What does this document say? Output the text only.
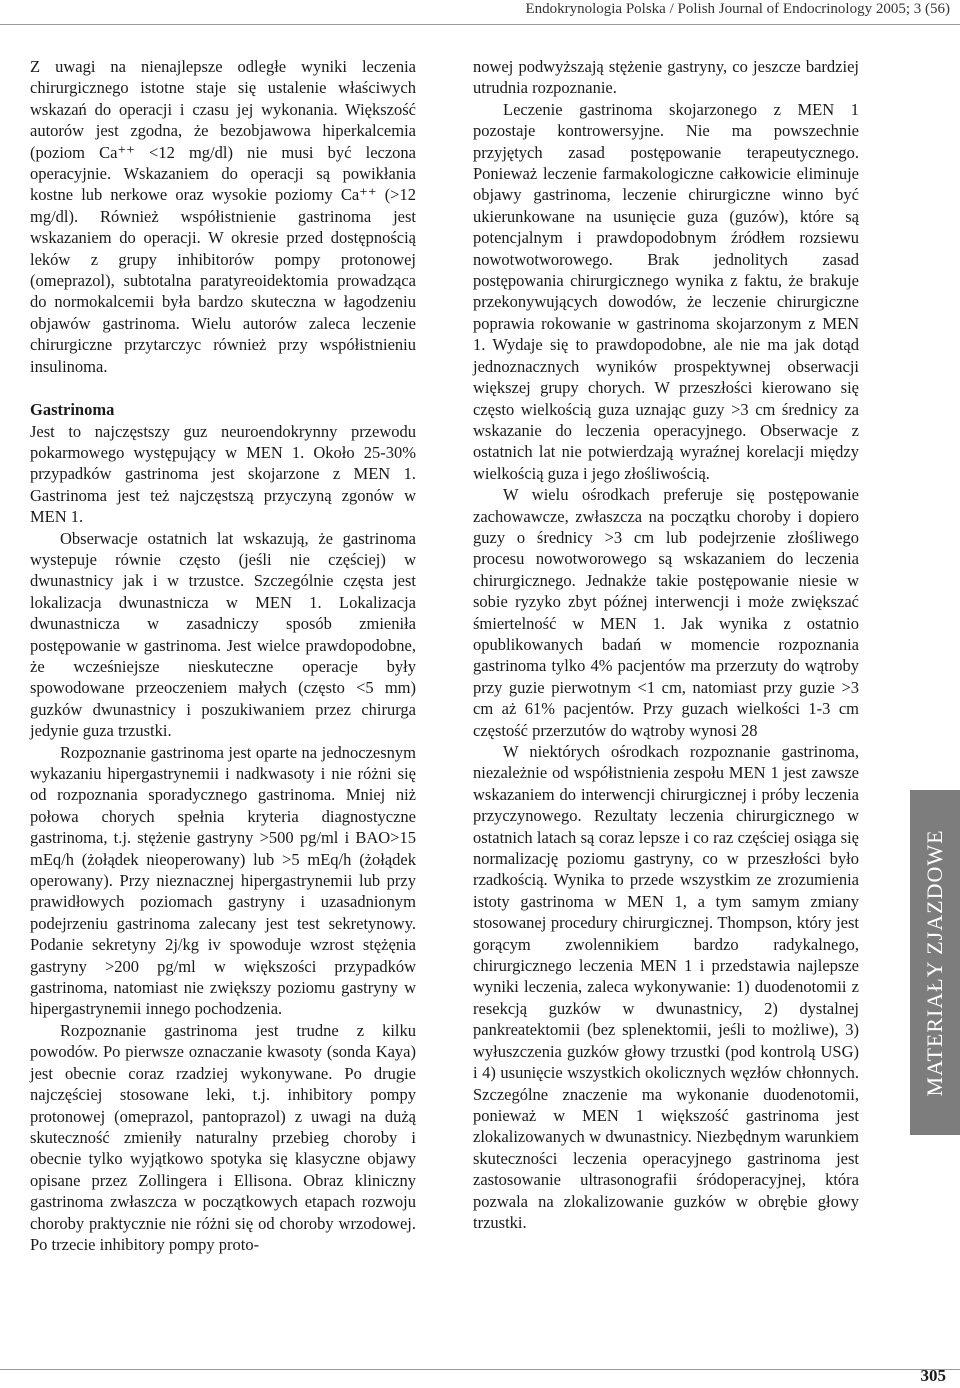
Endokrynologia Polska / Polish Journal of Endocrinology 2005; 3 (56)

Z uwagi na nienajlepsze odległe wyniki leczenia chirurgicznego istotne staje się ustalenie właściwych wskazań do operacji i czasu jej wykonania. Większość autorów jest zgodna, że bezobjawowa hiperkalcemia (poziom Ca⁺⁺ <12 mg/dl) nie musi być leczona operacyjnie. Wskazaniem do operacji są powikłania kostne lub nerkowe oraz wysokie poziomy Ca⁺⁺ (>12 mg/dl). Również współistnienie gastrinoma jest wskazaniem do operacji. W okresie przed dostępnością leków z grupy inhibitorów pompy protonowej (omeprazol), subtotalna paratyreoidektomia prowadząca do normokalcemii była bardzo skuteczna w łagodzeniu objawów gastrinoma. Wielu autorów zaleca leczenie chirurgiczne przytarczyc również przy współistnieniu insulinoma.

Gastrinoma

Jest to najczęstszy guz neuroendokrynny przewodu pokarmowego występujący w MEN 1. Około 25-30% przypadków gastrinoma jest skojarzone z MEN 1. Gastrinoma jest też najczęstszą przyczyną zgonów w MEN 1.

Obserwacje ostatnich lat wskazują, że gastrinoma wystepuje równie często (jeśli nie częściej) w dwunastnicy jak i w trzustce. Szczególnie częsta jest lokalizacja dwunastnicza w MEN 1. Lokalizacja dwunastnicza w zasadniczy sposób zmieniła postępowanie w gastrinoma. Jest wielce prawdopodobne, że wcześniejsze nieskuteczne operacje były spowodowane przeoczeniem małych (często <5 mm) guzków dwunastnicy i poszukiwaniem przez chirurga jedynie guza trzustki.

Rozpoznanie gastrinoma jest oparte na jednoczesnym wykazaniu hipergastrynemii i nadkwasoty i nie różni się od rozpoznania sporadycznego gastrinoma. Mniej niż połowa chorych spełnia kryteria diagnostyczne gastrinoma, t.j. stężenie gastryny >500 pg/ml i BAO>15 mEq/h (żołądek nieoperowany) lub >5 mEq/h (żołądek operowany). Przy nieznacznej hipergastrynemii lub przy prawidłowych poziomach gastryny i uzasadnionym podejrzeniu gastrinoma zalecany jest test sekretynowy. Podanie sekretyny 2j/kg iv spowoduje wzrost stężęnia gastryny >200 pg/ml w większości przypadków gastrinoma, natomiast nie zwiększy poziomu gastryny w hipergastrynemii innego pochodzenia.

Rozpoznanie gastrinoma jest trudne z kilku powodów. Po pierwsze oznaczanie kwasoty (sonda Kaya) jest obecnie coraz rzadziej wykonywane. Po drugie najczęściej stosowane leki, t.j. inhibitory pompy protonowej (omeprazol, pantoprazol) z uwagi na dużą skuteczność zmieniły naturalny przebieg choroby i obecnie tylko wyjątkowo spotyka się klasyczne objawy opisane przez Zollingera i Ellisona. Obraz kliniczny gastrinoma zwłaszcza w początkowych etapach rozwoju choroby praktycznie nie różni się od choroby wrzodowej. Po trzecie inhibitory pompy proto-

nowej podwyższają stężenie gastryny, co jeszcze bardziej utrudnia rozpoznanie.

Leczenie gastrinoma skojarzonego z MEN 1 pozostaje kontrowersyjne. Nie ma powszechnie przyjętych zasad postępowanie terapeutycznego. Ponieważ leczenie farmakologiczne całkowicie eliminuje objawy gastrinoma, leczenie chirurgiczne winno być ukierunkowane na usunięcie guza (guzów), które są potencjalnym i prawdopodobnym źródłem rozsiewu nowotwotworowego. Brak jednolitych zasad postępowania chirurgicznego wynika z faktu, że brakuje przekonywujących dowodów, że leczenie chirurgiczne poprawia rokowanie w gastrinoma skojarzonym z MEN 1. Wydaje się to prawdopodobne, ale nie ma jak dotąd jednoznacznych wyników prospektywnej obserwacji większej grupy chorych. W przeszłości kierowano się często wielkością guza uznając guzy >3 cm średnicy za wskazanie do leczenia operacyjnego. Obserwacje z ostatnich lat nie potwierdzają wyraźnej korelacji między wielkością guza i jego złośliwością.

W wielu ośrodkach preferuje się postępowanie zachowawcze, zwłaszcza na początku choroby i dopiero guzy o średnicy >3 cm lub podejrzenie złośliwego procesu nowotworowego są wskazaniem do leczenia chirurgicznego. Jednakże takie postępowanie niesie w sobie ryzyko zbyt późnej interwencji i może zwiększać śmiertelność w MEN 1. Jak wynika z ostatnio opublikowanych badań w momencie rozpoznania gastrinoma tylko 4% pacjentów ma przerzuty do wątroby przy guzie pierwotnym <1 cm, natomiast przy guzie >3 cm aż 61% pacjentów. Przy guzach wielkości 1-3 cm częstość przerzutów do wątroby wynosi 28

W niektórych ośrodkach rozpoznanie gastrinoma, niezależnie od współistnienia zespołu MEN 1 jest zawsze wskazaniem do interwencji chirurgicznej i próby leczenia przyczynowego. Rezultaty leczenia chirurgicznego w ostatnich latach są coraz lepsze i co raz częściej osiąga się normalizację poziomu gastryny, co w przeszłości było rzadkością. Wynika to przede wszystkim ze zrozumienia istoty gastrinoma w MEN 1, a tym samym zmiany stosowanej procedury chirurgicznej. Thompson, który jest gorącym zwolennikiem bardzo radykalnego, chirurgicznego leczenia MEN 1 i przedstawia najlepsze wyniki leczenia, zaleca wykonywanie: 1) duodenotomii z resekcją guzków w dwunastnicy, 2) dystalnej pankreatektomii (bez splenektomii, jeśli to możliwe), 3) wyłuszczenia guzków głowy trzustki (pod kontrolą USG) i 4) usunięcie wszystkich okolicznych węzłów chłonnych. Szczególne znaczenie ma wykonanie duodenotomii, ponieważ w MEN 1 większość gastrinoma jest zlokalizowanych w dwunastnicy. Niezbędnym warunkiem skuteczności leczenia operacyjnego gastrinoma jest zastosowanie ultrasonografii śródoperacyjnej, która pozwala na zlokalizowanie guzków w obrębie głowy trzustki.

MATERIAŁY ZJAZDOWE
305
